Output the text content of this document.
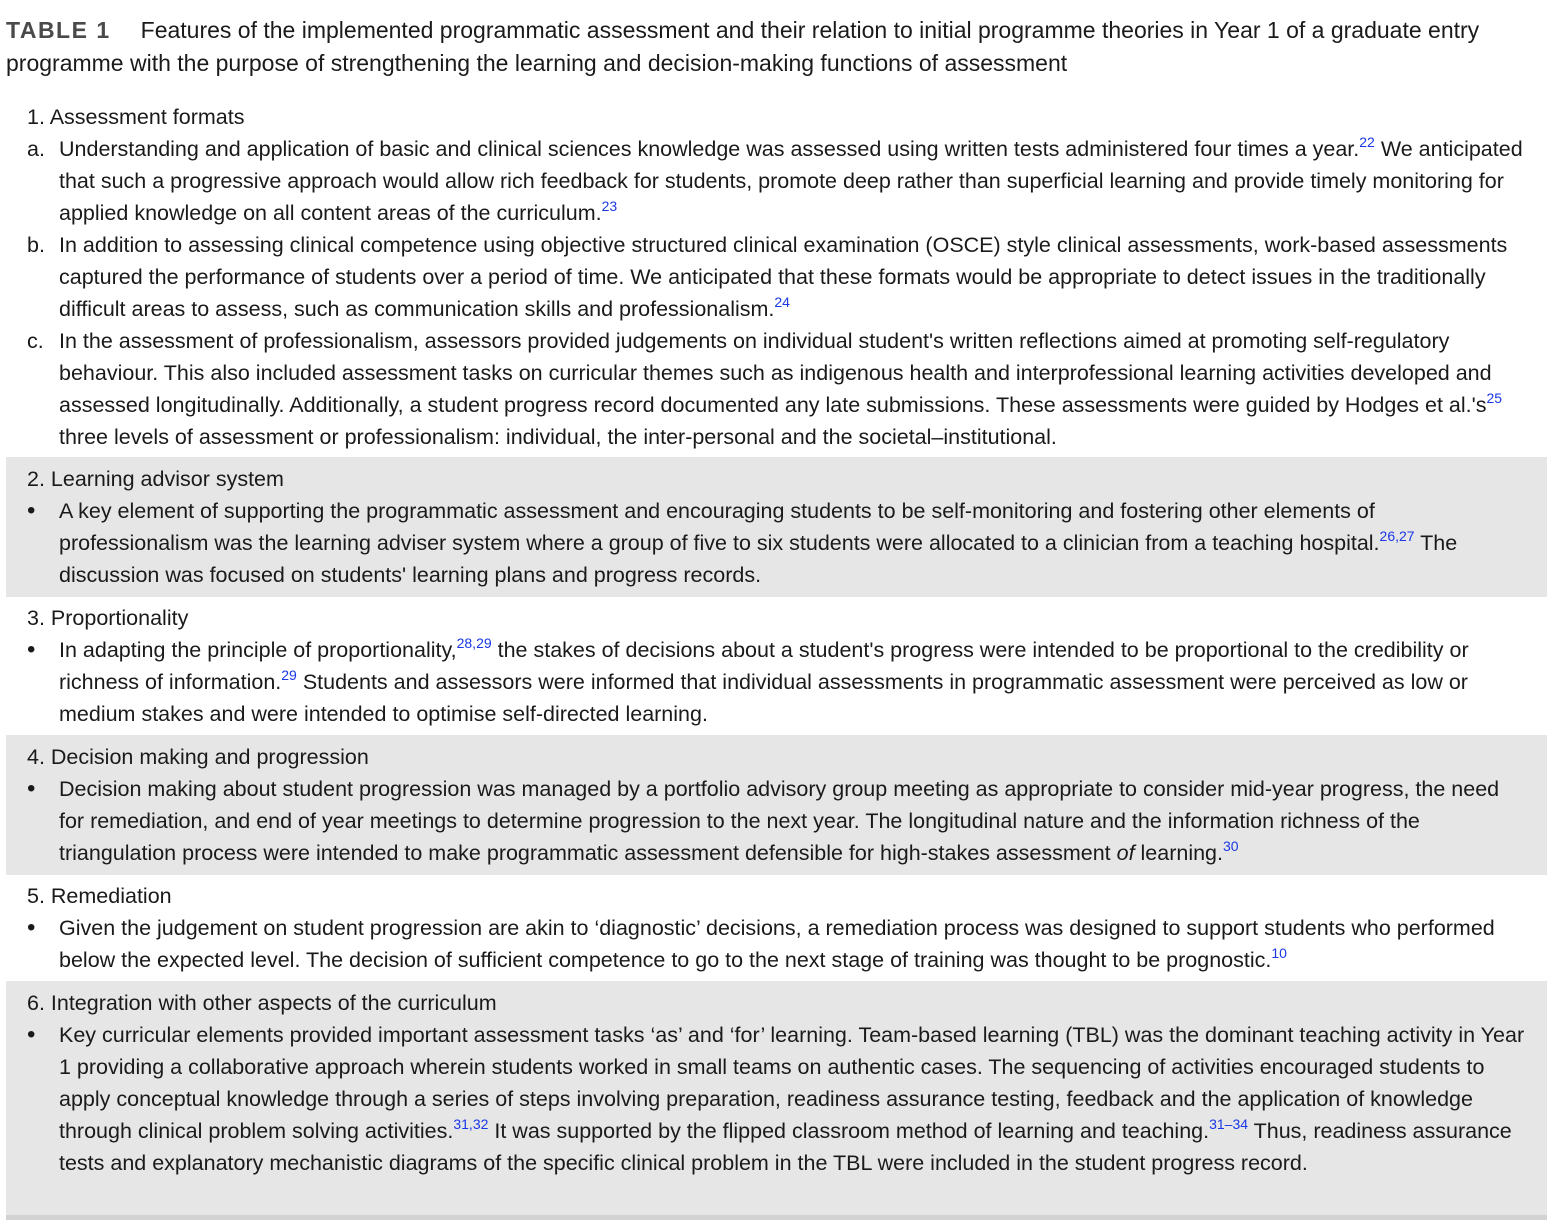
TABLE 1 Features of the implemented programmatic assessment and their relation to initial programme theories in Year 1 of a graduate entry programme with the purpose of strengthening the learning and decision-making functions of assessment
1. Assessment formats
a. Understanding and application of basic and clinical sciences knowledge was assessed using written tests administered four times a year.$^{22}$ We anticipated that such a progressive approach would allow rich feedback for students, promote deep rather than superficial learning and provide timely monitoring for applied knowledge on all content areas of the curriculum.$^{23}$
b. In addition to assessing clinical competence using objective structured clinical examination (OSCE) style clinical assessments, work-based assessments captured the performance of students over a period of time. We anticipated that these formats would be appropriate to detect issues in the traditionally difficult areas to assess, such as communication skills and professionalism.$^{24}$
c. In the assessment of professionalism, assessors provided judgements on individual student's written reflections aimed at promoting self-regulatory behaviour. This also included assessment tasks on curricular themes such as indigenous health and interprofessional learning activities developed and assessed longitudinally. Additionally, a student progress record documented any late submissions. These assessments were guided by Hodges et al.'s$^{25}$ three levels of assessment or professionalism: individual, the inter-personal and the societal–institutional.
2. Learning advisor system
•	A key element of supporting the programmatic assessment and encouraging students to be self-monitoring and fostering other elements of professionalism was the learning adviser system where a group of five to six students were allocated to a clinician from a teaching hospital.$^{26,27}$ The discussion was focused on students' learning plans and progress records.
3. Proportionality
•	In adapting the principle of proportionality,$^{28,29}$ the stakes of decisions about a student's progress were intended to be proportional to the credibility or richness of information.$^{29}$ Students and assessors were informed that individual assessments in programmatic assessment were perceived as low or medium stakes and were intended to optimise self-directed learning.
4. Decision making and progression
•	Decision making about student progression was managed by a portfolio advisory group meeting as appropriate to consider mid-year progress, the need for remediation, and end of year meetings to determine progression to the next year. The longitudinal nature and the information richness of the triangulation process were intended to make programmatic assessment defensible for high-stakes assessment of learning.$^{30}$
5. Remediation
•	Given the judgement on student progression are akin to ‘diagnostic’ decisions, a remediation process was designed to support students who performed below the expected level. The decision of sufficient competence to go to the next stage of training was thought to be prognostic.$^{10}$
6. Integration with other aspects of the curriculum
•	Key curricular elements provided important assessment tasks ‘as’ and ‘for’ learning. Team-based learning (TBL) was the dominant teaching activity in Year 1 providing a collaborative approach wherein students worked in small teams on authentic cases. The sequencing of activities encouraged students to apply conceptual knowledge through a series of steps involving preparation, readiness assurance testing, feedback and the application of knowledge through clinical problem solving activities.$^{31,32}$ It was supported by the flipped classroom method of learning and teaching.$^{31-34}$ Thus, readiness assurance tests and explanatory mechanistic diagrams of the specific clinical problem in the TBL were included in the student progress record.
